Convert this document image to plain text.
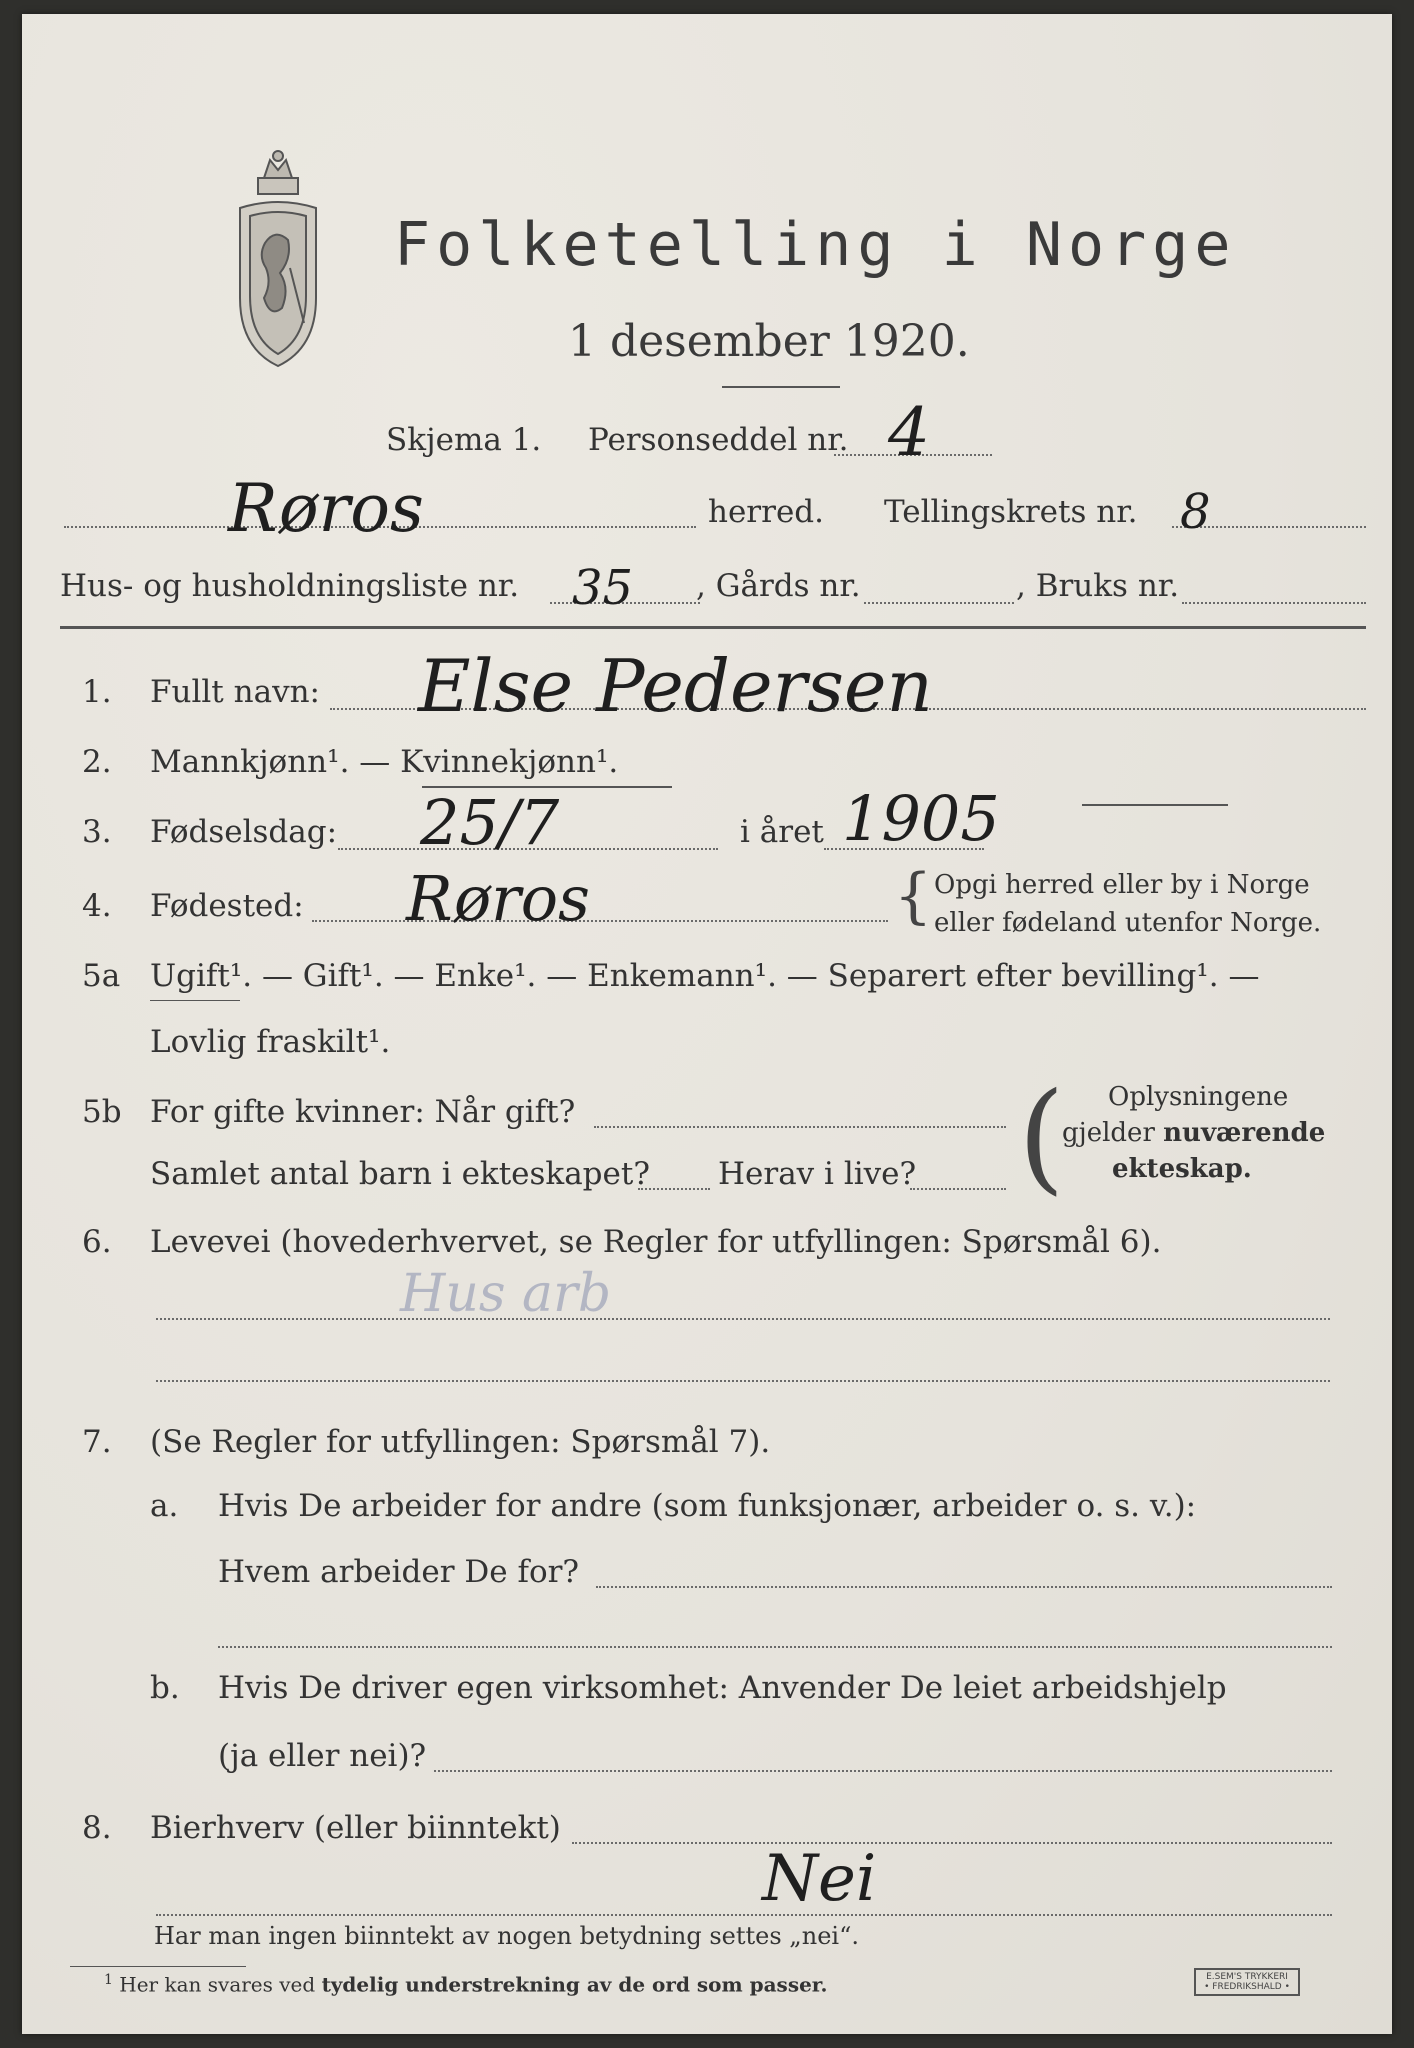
Folketelling i Norge
1 desember 1920.
Skjema 1. Personseddel nr. 4
Røros	herred. Tellingskrets nr. 8
Hus- og husholdningsliste nr. 35 , Gårds nr.	, Bruks nr.
1. Fullt navn: Else Pedersen
2. Mannkjønn¹. — Kvinnekjønn¹.
3. Fødselsdag: 25/7	i året 1905
4. Fødested: Røros	{ Opgi herred eller by i Norge
eller fødeland utenfor Norge.
5a Ugift¹. — Gift¹. — Enke¹. — Enkemann¹. — Separert efter bevilling¹. —
Lovlig fraskilt¹.
5b For gifte kvinner: Når gift?
Samlet antal barn i ekteskapet? Herav i live? ( Oplysningene
gjelder nuværende
ekteskap.
6. Levevei (hovederhvervet, se Regler for utfyllingen: Spørsmål 6).
Hus arb
7. (Se Regler for utfyllingen: Spørsmål 7).
a. Hvis De arbeider for andre (som funksjonær, arbeider o. s. v.):
Hvem arbeider De for?
b. Hvis De driver egen virksomhet: Anvender De leiet arbeidshjelp
(ja eller nei)?
8. Bierhverv (eller biinntekt)
Nei
Har man ingen biinntekt av nogen betydning settes „nei“.
$^1$ Her kan svares ved tydelig understrekning av de ord som passer.	E.SEM'S TRYKKERI
• FREDRIKSHALD •
